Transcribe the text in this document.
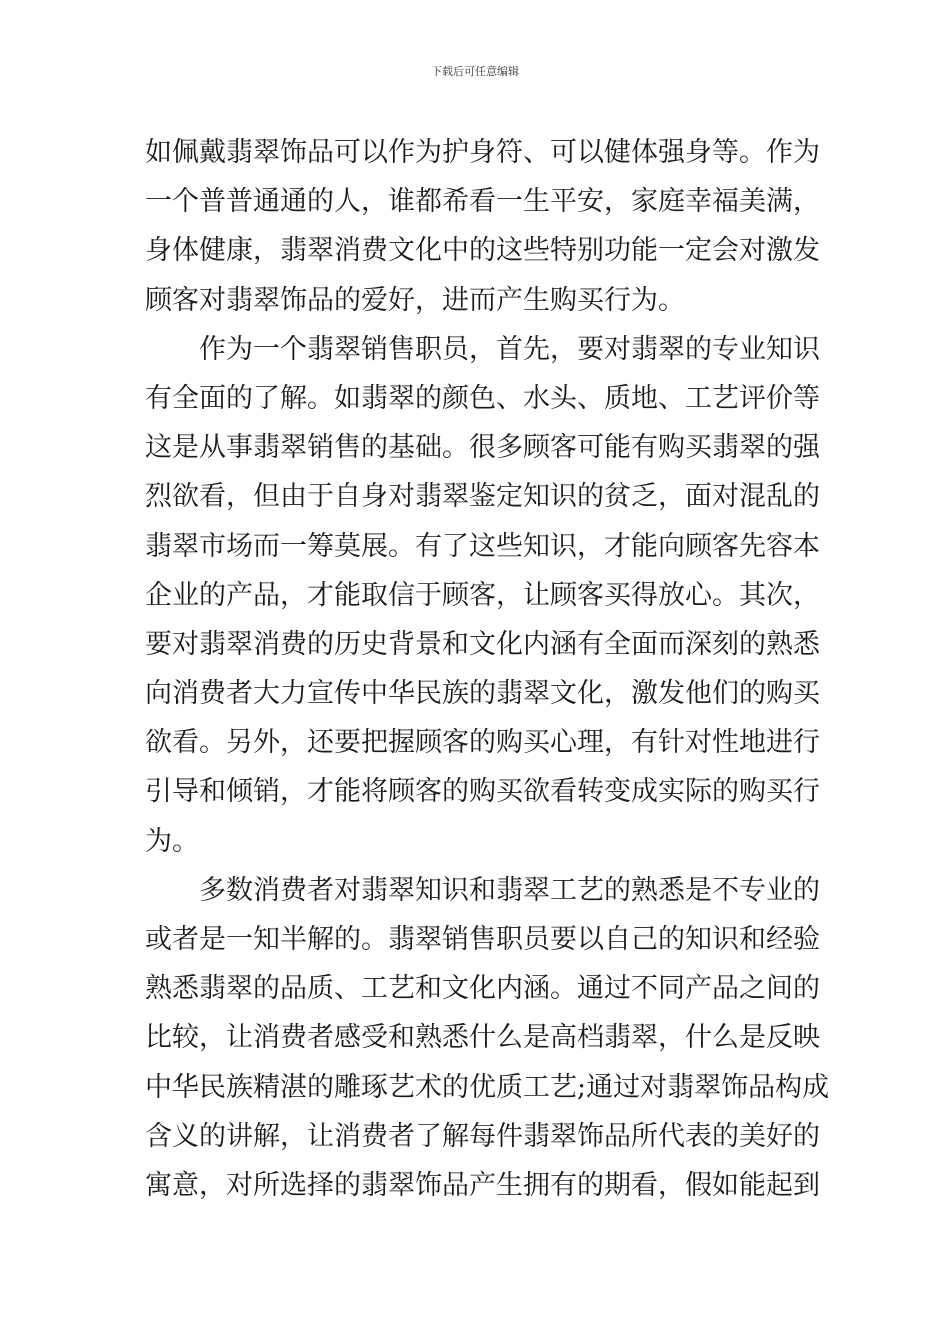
下载后可任意编辑
如佩戴翡翠饰品可以作为护身符、可以健体强身等。作为
一个普普通通的人，谁都希看一生平安，家庭幸福美满，
身体健康，翡翠消费文化中的这些特别功能一定会对激发
顾客对翡翠饰品的爱好，进而产生购买行为。
作为一个翡翠销售职员，首先，要对翡翠的专业知识
有全面的了解。如翡翠的颜色、水头、质地、工艺评价等
这是从事翡翠销售的基础。很多顾客可能有购买翡翠的强
烈欲看，但由于自身对翡翠鉴定知识的贫乏，面对混乱的
翡翠市场而一筹莫展。有了这些知识，才能向顾客先容本
企业的产品，才能取信于顾客，让顾客买得放心。其次，
要对翡翠消费的历史背景和文化内涵有全面而深刻的熟悉
向消费者大力宣传中华民族的翡翠文化，激发他们的购买
欲看。另外，还要把握顾客的购买心理，有针对性地进行
引导和倾销，才能将顾客的购买欲看转变成实际的购买行
为。
多数消费者对翡翠知识和翡翠工艺的熟悉是不专业的
或者是一知半解的。翡翠销售职员要以自己的知识和经验
熟悉翡翠的品质、工艺和文化内涵。通过不同产品之间的
比较，让消费者感受和熟悉什么是高档翡翠，什么是反映
中华民族精湛的雕琢艺术的优质工艺;通过对翡翠饰品构成
含义的讲解，让消费者了解每件翡翠饰品所代表的美好的
寓意，对所选择的翡翠饰品产生拥有的期看，假如能起到
